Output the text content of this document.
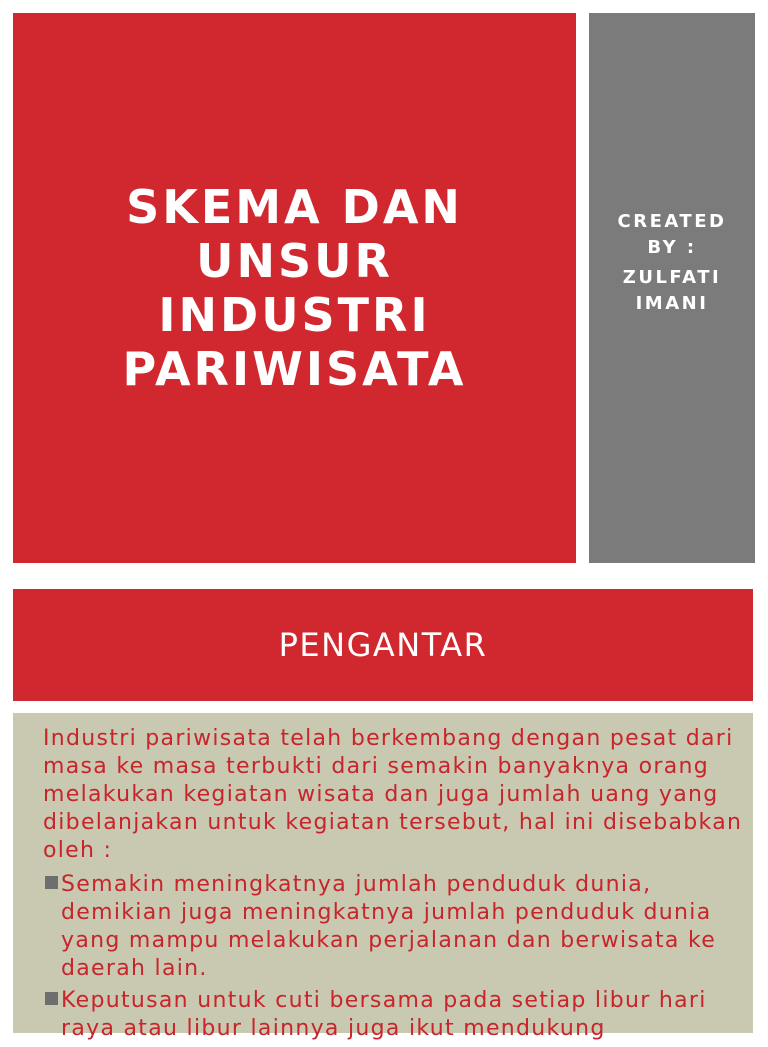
SKEMA DAN
UNSUR
INDUSTRI
PARIWISATA
CREATED
BY :
ZULFATI
IMANI
PENGANTAR

Industri pariwisata telah berkembang dengan pesat dari masa ke masa terbukti dari semakin banyaknya orang melakukan kegiatan wisata dan juga jumlah uang yang dibelanjakan untuk kegiatan tersebut, hal ini disebabkan oleh :

Semakin meningkatnya jumlah penduduk dunia, demikian juga meningkatnya jumlah penduduk dunia yang mampu melakukan perjalanan dan berwisata ke daerah lain.
Keputusan untuk cuti bersama pada setiap libur hari raya atau libur lainnya juga ikut mendukung
